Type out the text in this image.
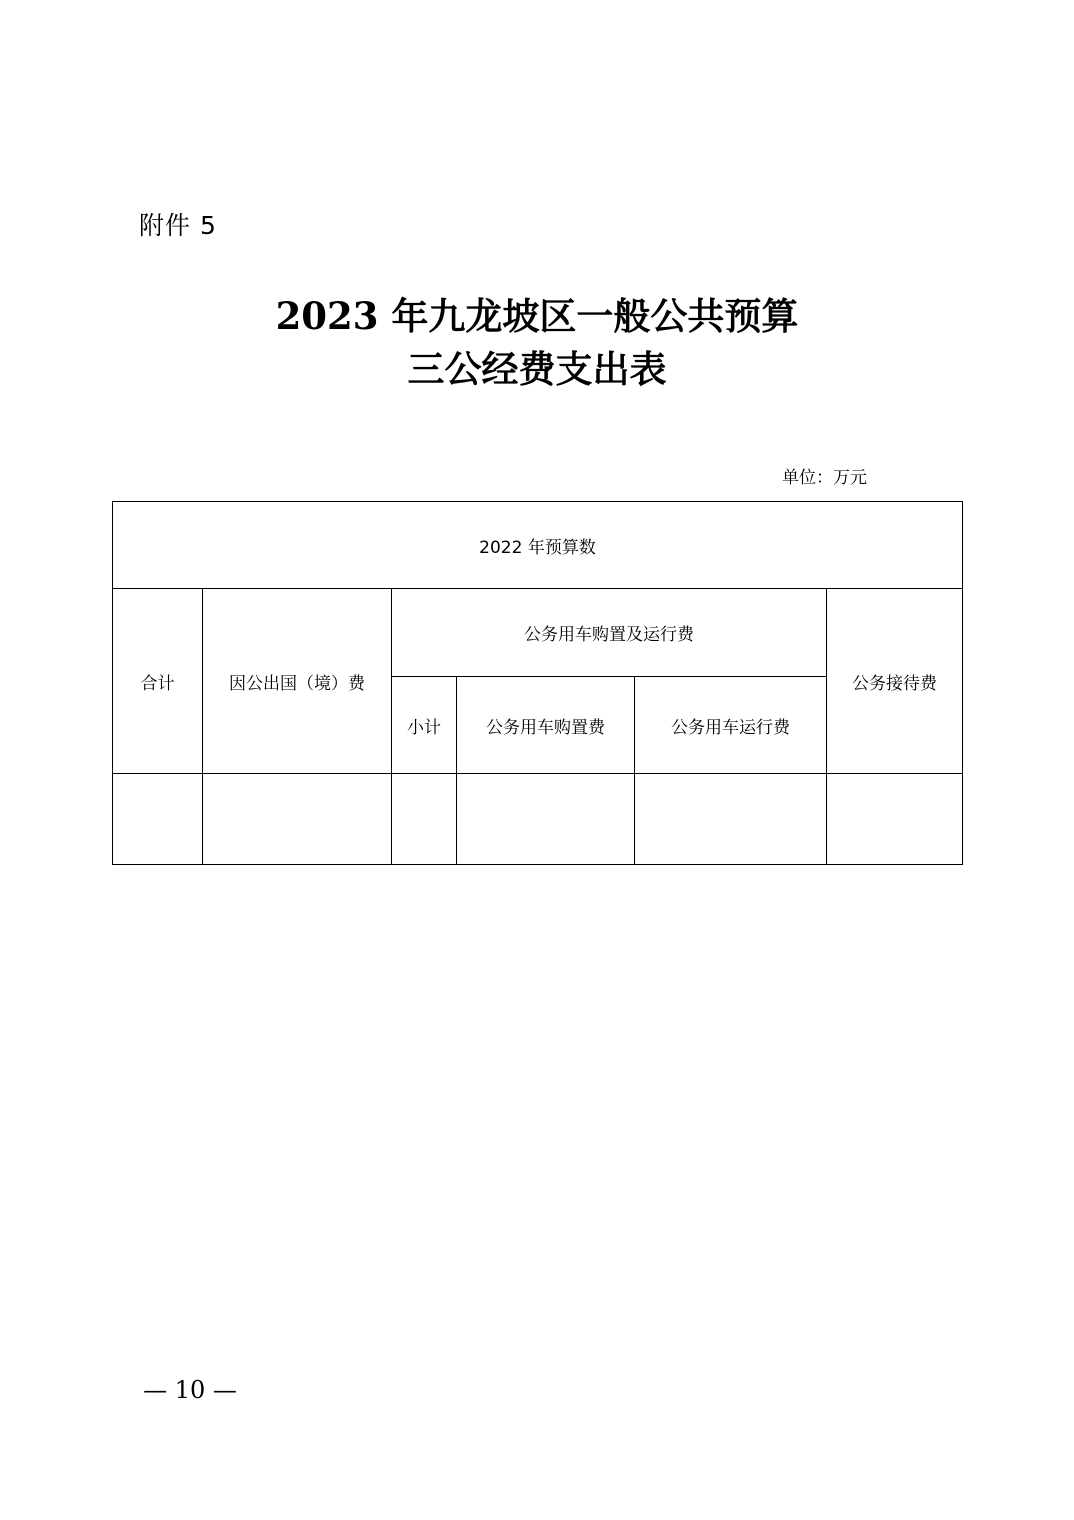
附件 5
2023 年九龙坡区一般公共预算
三公经费支出表
单位：万元
2022 年预算数					
合计	因公出国（境）费	公务用车购置及运行费			公务接待费
		小计	公务用车购置费	公务用车运行费	

— 10 —
